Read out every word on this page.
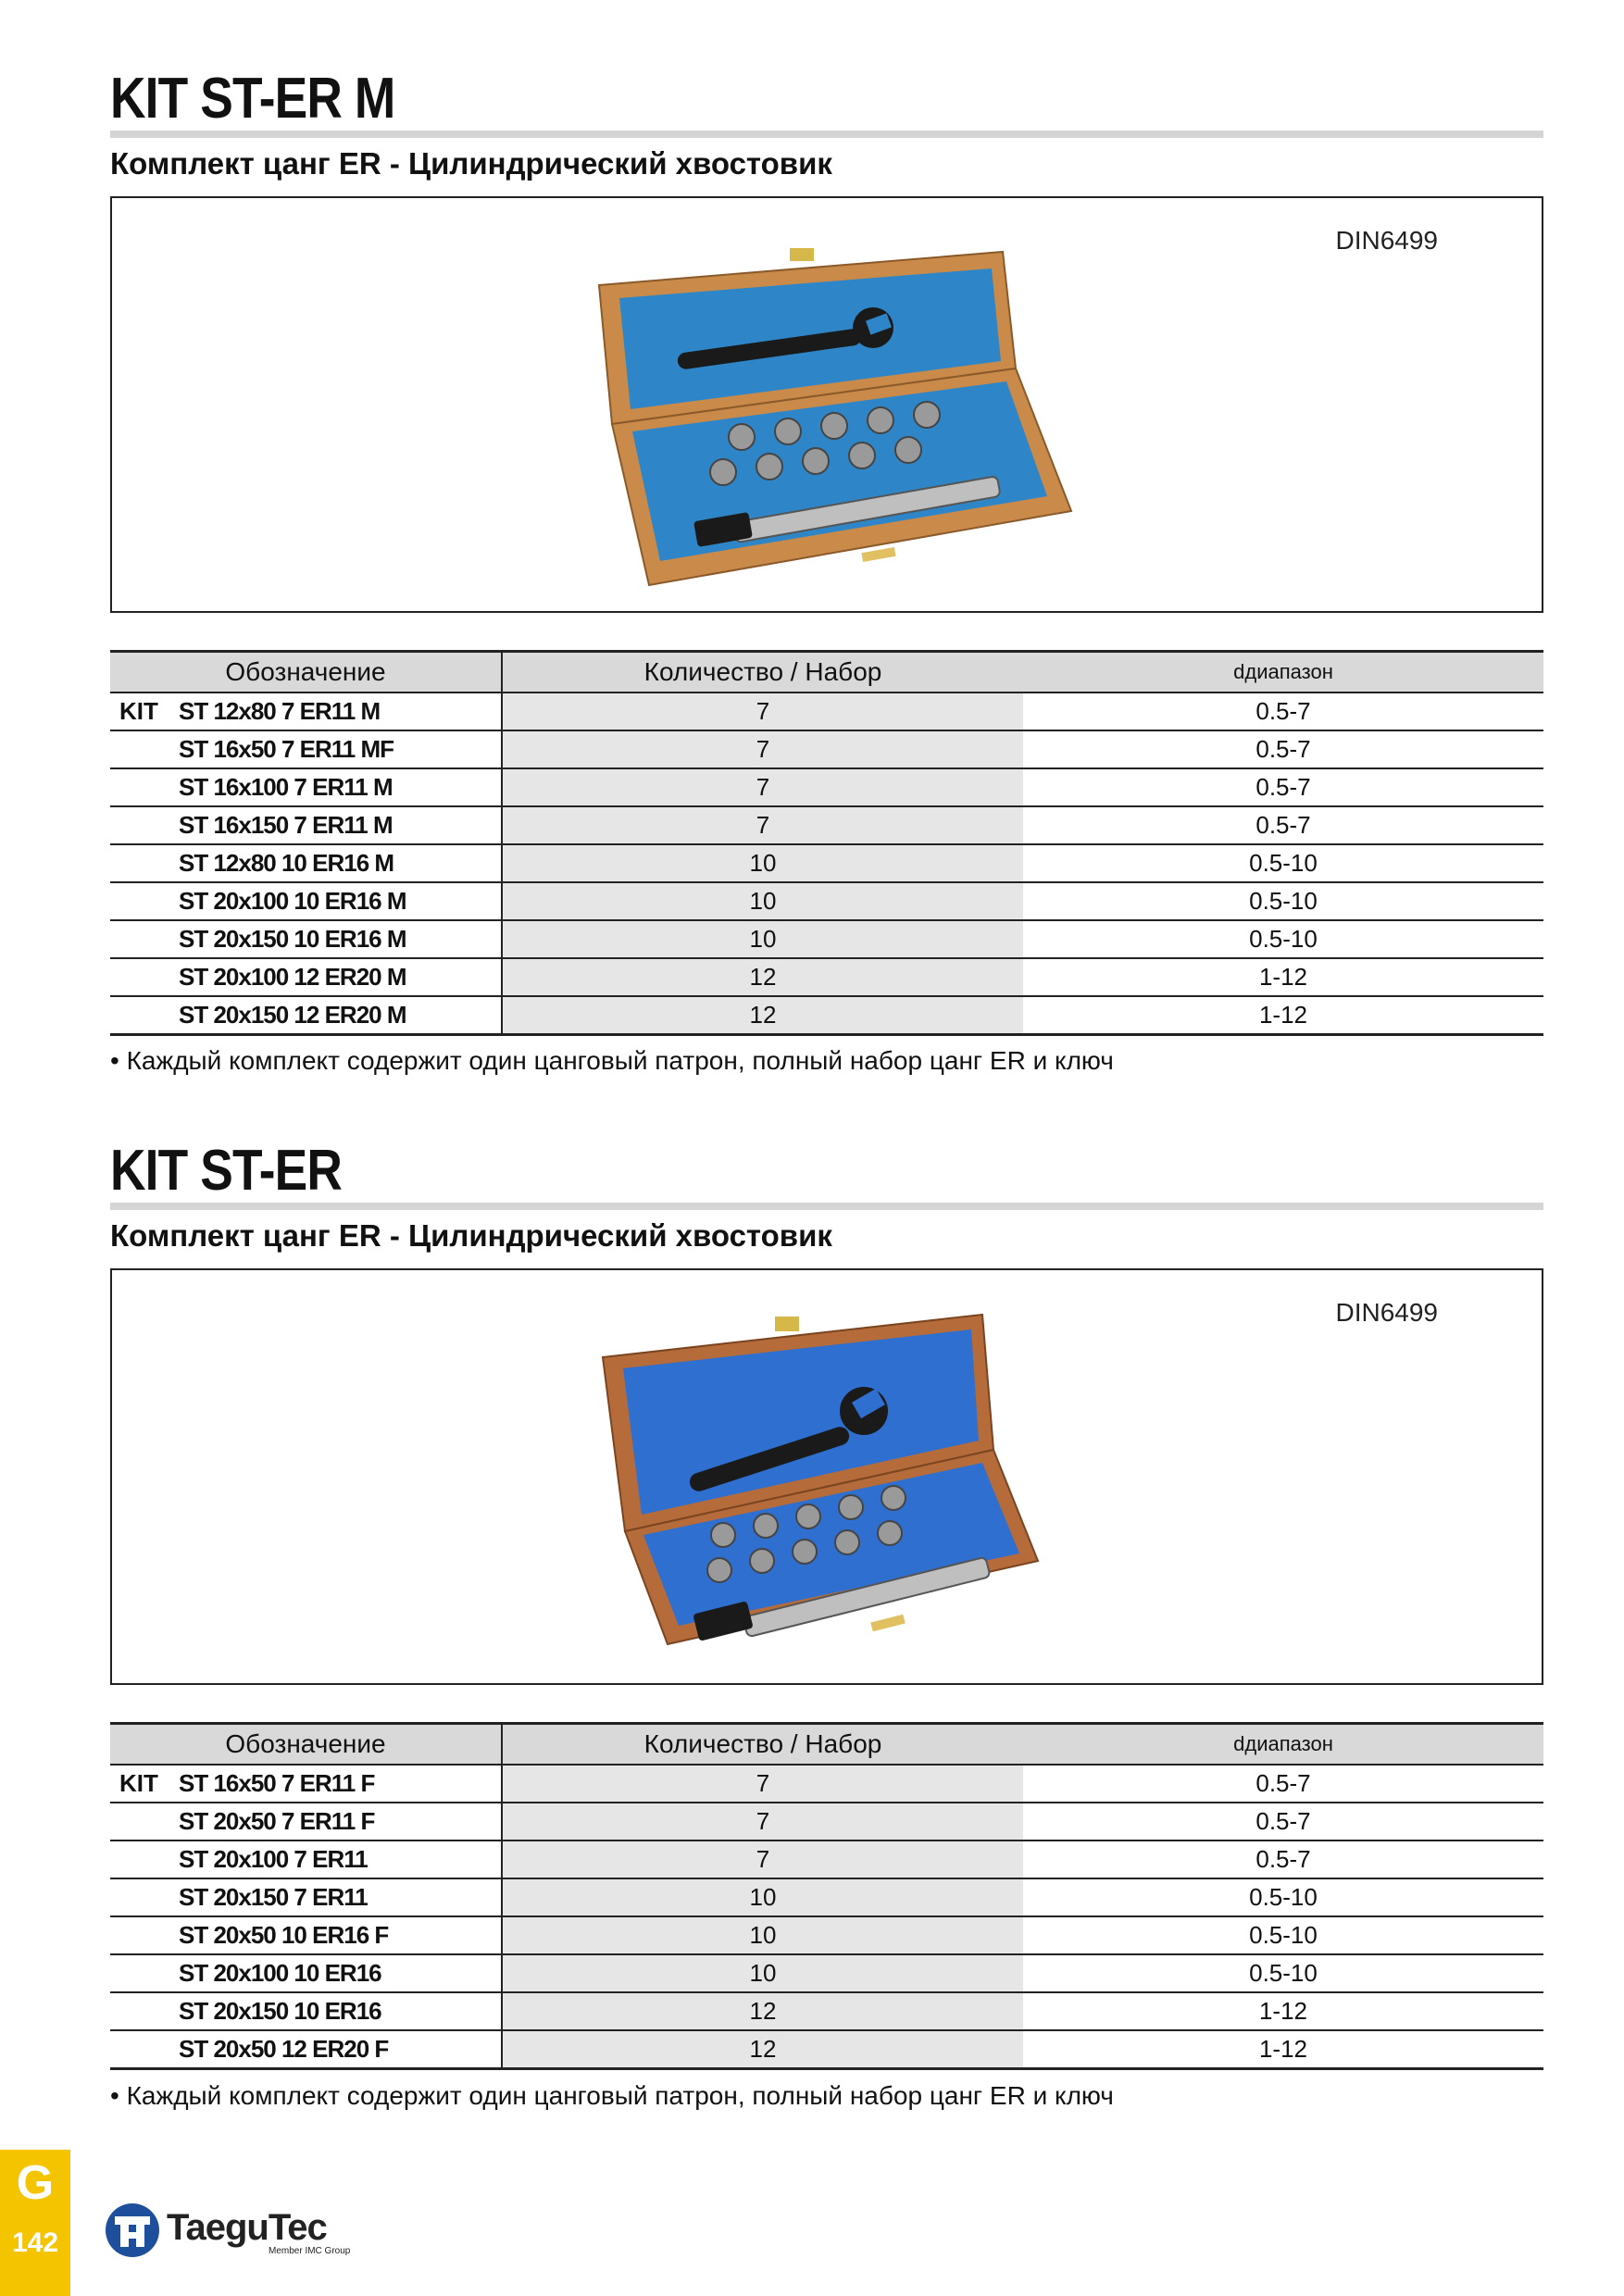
KIT ST-ER M
Комплект цанг ER - Цилиндрический хвостовик
DIN6499
Обозначение		Количество / Набор	dдиапазон
KIT	ST 12x80 7 ER11 M	7	0.5-7
	ST 16x50 7 ER11 MF	7	0.5-7
	ST 16x100 7 ER11 M	7	0.5-7
	ST 16x150 7 ER11 M	7	0.5-7
	ST 12x80 10 ER16 M	10	0.5-10
	ST 20x100 10 ER16 M	10	0.5-10
	ST 20x150 10 ER16 M	10	0.5-10
	ST 20x100 12 ER20 M	12	1-12
	ST 20x150 12 ER20 M	12	1-12
• Каждый комплект содержит один цанговый патрон, полный набор цанг ER и ключ
KIT ST-ER
Комплект цанг ER - Цилиндрический хвостовик
DIN6499
Обозначение		Количество / Набор	dдиапазон
KIT	ST 16x50 7 ER11 F	7	0.5-7
	ST 20x50 7 ER11 F	7	0.5-7
	ST 20x100 7 ER11	7	0.5-7
	ST 20x150 7 ER11	10	0.5-10
	ST 20x50 10 ER16 F	10	0.5-10
	ST 20x100 10 ER16	10	0.5-10
	ST 20x150 10 ER16	12	1-12
	ST 20x50 12 ER20 F	12	1-12
• Каждый комплект содержит один цанговый патрон, полный набор цанг ER и ключ
G
142	TaeguTec
Member IMC Group
